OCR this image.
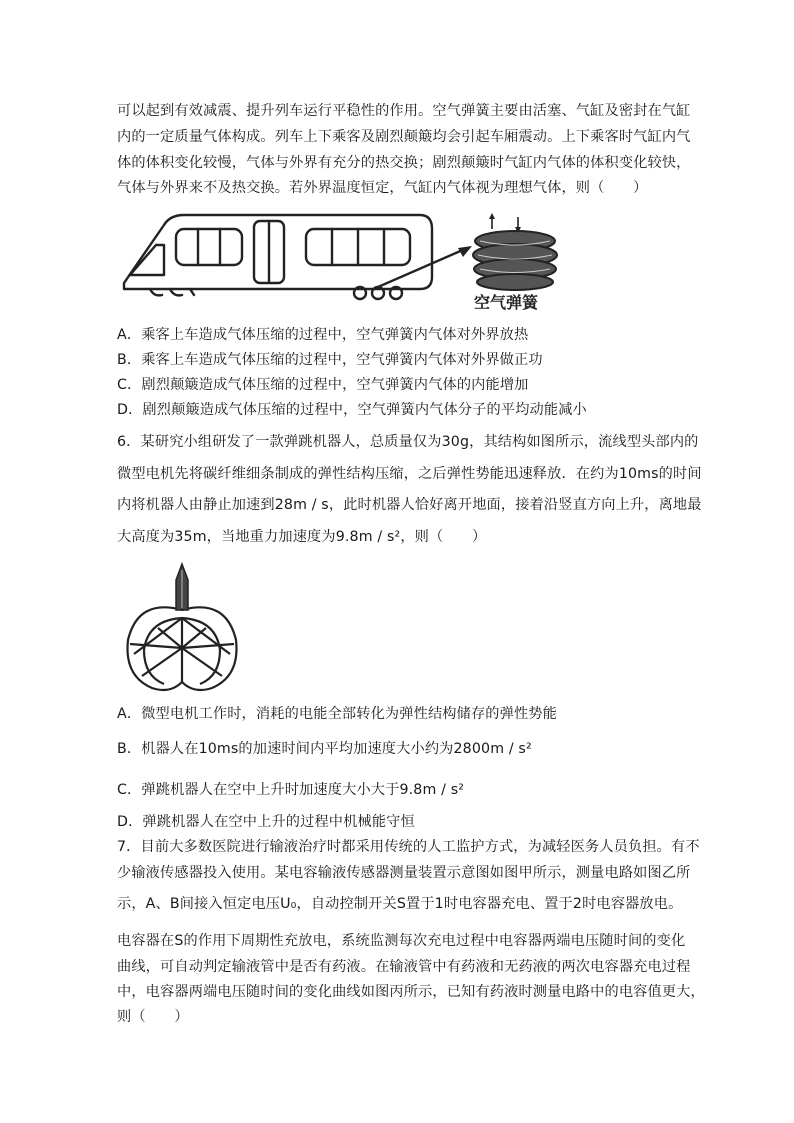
可以起到有效减震、提升列车运行平稳性的作用。空气弹簧主要由活塞、气缸及密封在气缸
内的一定质量气体构成。列车上下乘客及剧烈颠簸均会引起车厢震动。上下乘客时气缸内气
体的体积变化较慢，气体与外界有充分的热交换；剧烈颠簸时气缸内气体的体积变化较快，
气体与外界来不及热交换。若外界温度恒定，气缸内气体视为理想气体，则（　　）
空气弹簧
A．乘客上车造成气体压缩的过程中，空气弹簧内气体对外界放热
B．乘客上车造成气体压缩的过程中，空气弹簧内气体对外界做正功
C．剧烈颠簸造成气体压缩的过程中，空气弹簧内气体的内能增加
D．剧烈颠簸造成气体压缩的过程中，空气弹簧内气体分子的平均动能减小
6．某研究小组研发了一款弹跳机器人，总质量仅为30g，其结构如图所示，流线型头部内的
微型电机先将碳纤维细条制成的弹性结构压缩，之后弹性势能迅速释放．在约为10ms的时间
内将机器人由静止加速到28m / s，此时机器人恰好离开地面，接着沿竖直方向上升，离地最
大高度为35m，当地重力加速度为9.8m / s²，则（　　）
A．微型电机工作时，消耗的电能全部转化为弹性结构储存的弹性势能
B．机器人在10ms的加速时间内平均加速度大小约为2800m / s²
C．弹跳机器人在空中上升时加速度大小大于9.8m / s²
D．弹跳机器人在空中上升的过程中机械能守恒
7．目前大多数医院进行输液治疗时都采用传统的人工监护方式，为减轻医务人员负担。有不
少输液传感器投入使用。某电容输液传感器测量装置示意图如图甲所示，测量电路如图乙所
示，A、B间接入恒定电压U₀，自动控制开关S置于1时电容器充电、置于2时电容器放电。
电容器在S的作用下周期性充放电，系统监测每次充电过程中电容器两端电压随时间的变化
曲线，可自动判定输液管中是否有药液。在输液管中有药液和无药液的两次电容器充电过程
中，电容器两端电压随时间的变化曲线如图丙所示，已知有药液时测量电路中的电容值更大，
则（　　）
